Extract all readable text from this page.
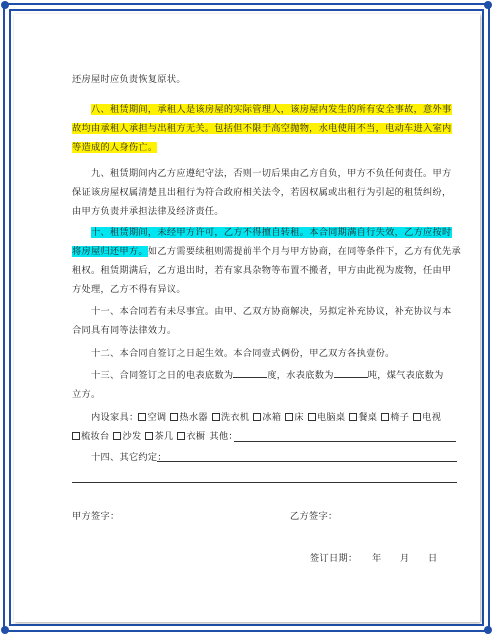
还房屋时应负责恢复原状。
八、租赁期间，承租人是该房屋的实际管理人，该房屋内发生的所有安全事故，意外事
故均由承租人承担与出租方无关。包括但不限于高空抛物，水电使用不当，电动车进入室内
等造成的人身伤亡。
九、租赁期间内乙方应遵纪守法，否则一切后果由乙方自负，甲方不负任何责任。甲方
保证该房屋权属清楚且出租行为符合政府相关法令，若因权属或出租行为引起的租赁纠纷，
由甲方负责并承担法律及经济责任。
十、租赁期间，未经甲方许可，乙方不得擅自转租。本合同期满自行失效，乙方应按时
将房屋归还甲方。如乙方需要续租则需提前半个月与甲方协商，在同等条件下，乙方有优先承
租权。租赁期满后，乙方退出时，若有家具杂物等布置不搬者，甲方由此视为废物，任由甲
方处理，乙方不得有异议。
十一、本合同若有未尽事宜。由甲、乙双方协商解决，另拟定补充协议，补充协议与本
合同具有同等法律效力。
十二、本合同自签订之日起生效。本合同壹式俩份，甲乙双方各执壹份。
十三、合同签订之日的电表底数为	度，水表底数为	吨，煤气表底数为
立方。
内设家具： 空调 热水器 洗衣机 冰箱 床 电脑桌 餐桌 椅子 电视
梳妆台 沙发 茶几 衣橱 其他：
十四、其它约定：
甲方签字：	乙方签字：
签订日期： 年 月 日
